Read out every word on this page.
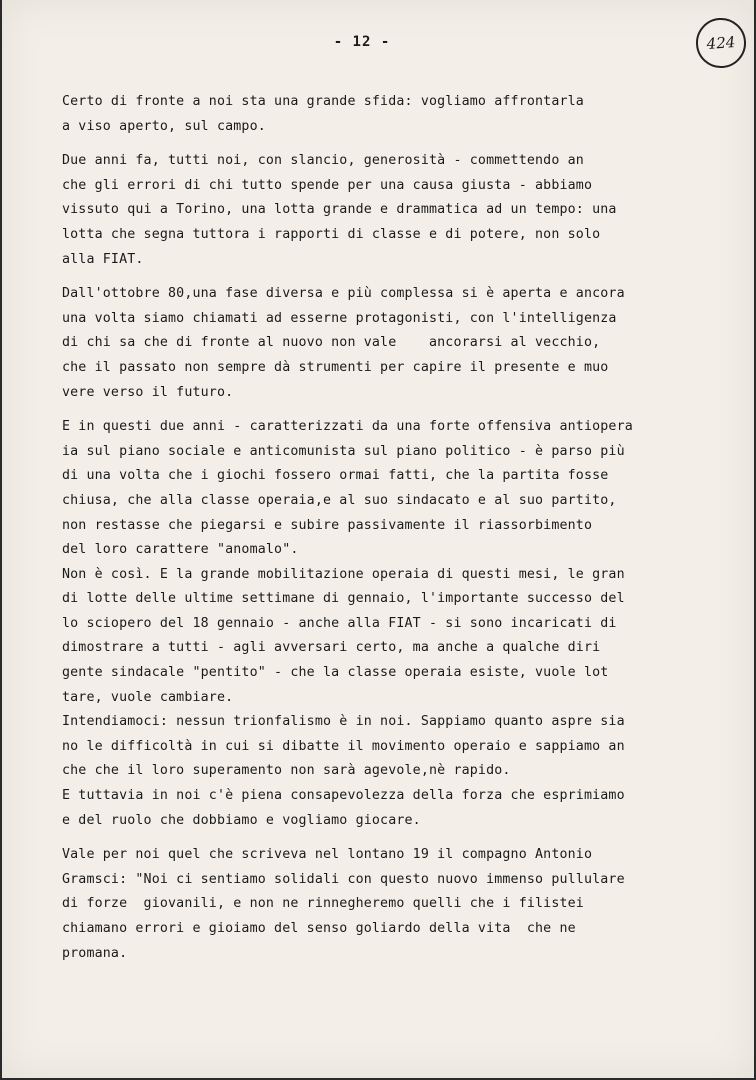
- 12 -	424
Certo di fronte a noi sta una grande sfida: vogliamo affrontarla
a viso aperto, sul campo.
Due anni fa, tutti noi, con slancio, generosità - commettendo an
che gli errori di chi tutto spende per una causa giusta - abbiamo
vissuto qui a Torino, una lotta grande e drammatica ad un tempo: una
lotta che segna tuttora i rapporti di classe e di potere, non solo
alla FIAT.
Dall'ottobre 80,una fase diversa e più complessa si è aperta e ancora
una volta siamo chiamati ad esserne protagonisti, con l'intelligenza
di chi sa che di fronte al nuovo non vale    ancorarsi al vecchio,
che il passato non sempre dà strumenti per capire il presente e muo
vere verso il futuro.
E in questi due anni - caratterizzati da una forte offensiva antiopera
ia sul piano sociale e anticomunista sul piano politico - è parso più
di una volta che i giochi fossero ormai fatti, che la partita fosse
chiusa, che alla classe operaia,e al suo sindacato e al suo partito,
non restasse che piegarsi e subire passivamente il riassorbimento
del loro carattere "anomalo".
Non è così. E la grande mobilitazione operaia di questi mesi, le gran
di lotte delle ultime settimane di gennaio, l'importante successo del
lo sciopero del 18 gennaio - anche alla FIAT - si sono incaricati di
dimostrare a tutti - agli avversari certo, ma anche a qualche diri
gente sindacale "pentito" - che la classe operaia esiste, vuole lot
tare, vuole cambiare.
Intendiamoci: nessun trionfalismo è in noi. Sappiamo quanto aspre sia
no le difficoltà in cui si dibatte il movimento operaio e sappiamo an
che che il loro superamento non sarà agevole,nè rapido.
E tuttavia in noi c'è piena consapevolezza della forza che esprimiamo
e del ruolo che dobbiamo e vogliamo giocare.
Vale per noi quel che scriveva nel lontano 19 il compagno Antonio
Gramsci: "Noi ci sentiamo solidali con questo nuovo immenso pullulare
di forze  giovanili, e non ne rinnegheremo quelli che i filistei
chiamano errori e gioiamo del senso goliardo della vita  che ne
promana.
